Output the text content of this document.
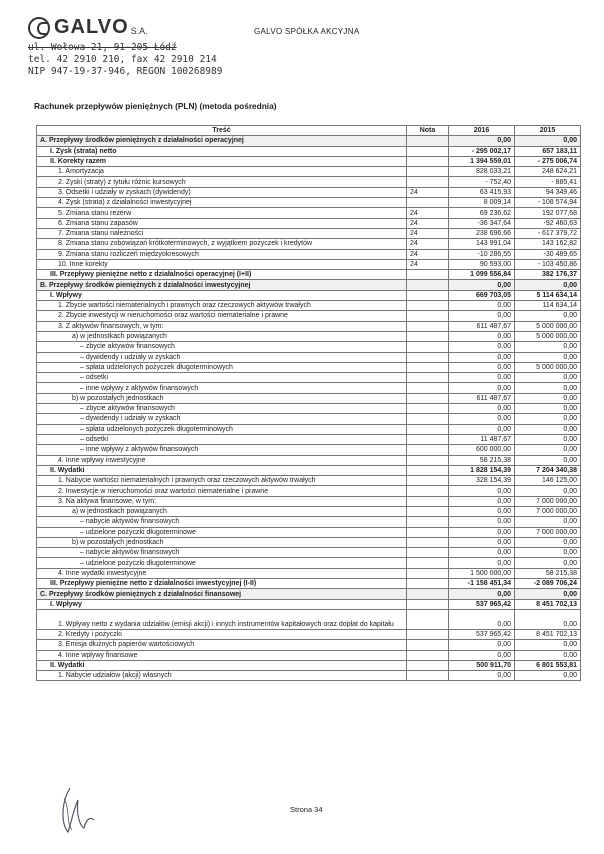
GALVO S.A.	GALVO SPÓŁKA AKCYJNA
ul. Wołowa 21, 91-205 Łódź
tel. 42 2910 210, fax 42 2910 214
NIP 947-19-37-946, REGON 100268989
Rachunek przepływów pieniężnych (PLN) (metoda pośrednia)
Treść	Nota	2016	2015
A. Przepływy środków pieniężnych z działalności operacyjnej		0,00	0,00
I. Zysk (strata) netto		- 295 002,17	657 183,11
II. Korekty razem		1 394 559,01	- 275 006,74
1. Amortyzacja		828 033,21	248 624,21
2. Zyski (straty) z tytułu różnic kursowych		- 752,40	- 885,41
3. Odsetki i udziały w zyskach (dywidendy)	24	63 415,93	94 349,46
4. Zysk (strata) z działalności inwestycyjnej		8 009,14	- 108 574,94
5. Zmiana stanu rezerw	24	69 236,62	192 077,68
6. Zmiana stanu zapasów	24	-36 347,64	-92 460,63
7. Zmiana stanu należności	24	238 696,66	- 617 379,72
8. Zmiana stanu zobowiązań krótkoterminowych, z wyjątkiem pożyczek i kredytów	24	143 991,04	143 162,82
9. Zmiana stanu rozliczeń międzyokresowych	24	-10 286,55	-30 489,65
10. Inne korekty	24	90 593,00	- 103 450,86
III. Przepływy pieniężne netto z działalności operacyjnej (I+II)		1 099 556,84	382 176,37
B. Przepływy środków pieniężnych z działalności inwestycyjnej		0,00	0,00
I. Wpływy		669 703,05	5 114 634,14
1. Zbycie wartości niematerialnych i prawnych oraz rzeczowych aktywów trwałych		0,00	114 634,14
2. Zbycie inwestycji w nieruchomości oraz wartości niematerialne i prawne		0,00	0,00
3. Z aktywów finansowych, w tym:		611 487,67	5 000 000,00
a) w jednostkach powiązanych		0,00	5 000 000,00
– zbycie aktywów finansowych		0,00	0,00
– dywidendy i udziały w zyskach		0,00	0,00
– spłata udzielonych pożyczek długoterminowych		0,00	5 000 000,00
– odsetki		0,00	0,00
– inne wpływy z aktywów finansowych		0,00	0,00
b) w pozostałych jednostkach		611 487,67	0,00
– zbycie aktywów finansowych		0,00	0,00
– dywidendy i udziały w zyskach		0,00	0,00
– spłata udzielonych pożyczek długoterminowych		0,00	0,00
– odsetki		11 487,67	0,00
– inne wpływy z aktywów finansowych		600 000,00	0,00
4. Inne wpływy inwestycyjne		58 215,38	0,00
II. Wydatki		1 828 154,39	7 204 340,38
1. Nabycie wartości niematerialnych i prawnych oraz rzeczowych aktywów trwałych		328 154,39	146 125,00
2. Inwestycje w nieruchomości oraz wartości niematerialne i prawne		0,00	0,00
3. Na aktywa finansowe, w tym:		0,00	7 000 000,00
a) w jednostkach powiązanych		0,00	7 000 000,00
– nabycie aktywów finansowych		0,00	0,00
– udzielone pożyczki długoterminowe		0,00	7 000 000,00
b) w pozostałych jednostkach		0,00	0,00
– nabycie aktywów finansowych		0,00	0,00
– udzielone pożyczki długoterminowe		0,00	0,00
4. Inne wydatki inwestycyjne		1 500 000,00	58 215,38
III. Przepływy pieniężne netto z działalności inwestycyjnej (I-II)		-1 158 451,34	-2 089 706,24
C. Przepływy środków pieniężnych z działalności finansowej		0,00	0,00
I. Wpływy		537 965,42	8 451 702,13
1. Wpływy netto z wydania udziałów (emisji akcji) i innych instrumentów kapitałowych oraz dopłat do kapitału		0,00	0,00
2. Kredyty i pożyczki		537 965,42	8 451 702,13
3. Emisja dłużnych papierów wartościowych		0,00	0,00
4. Inne wpływy finansowe		0,00	0,00
II. Wydatki		500 911,70	6 801 553,81
1. Nabycie udziałów (akcji) własnych		0,00	0,00
Strona 34
